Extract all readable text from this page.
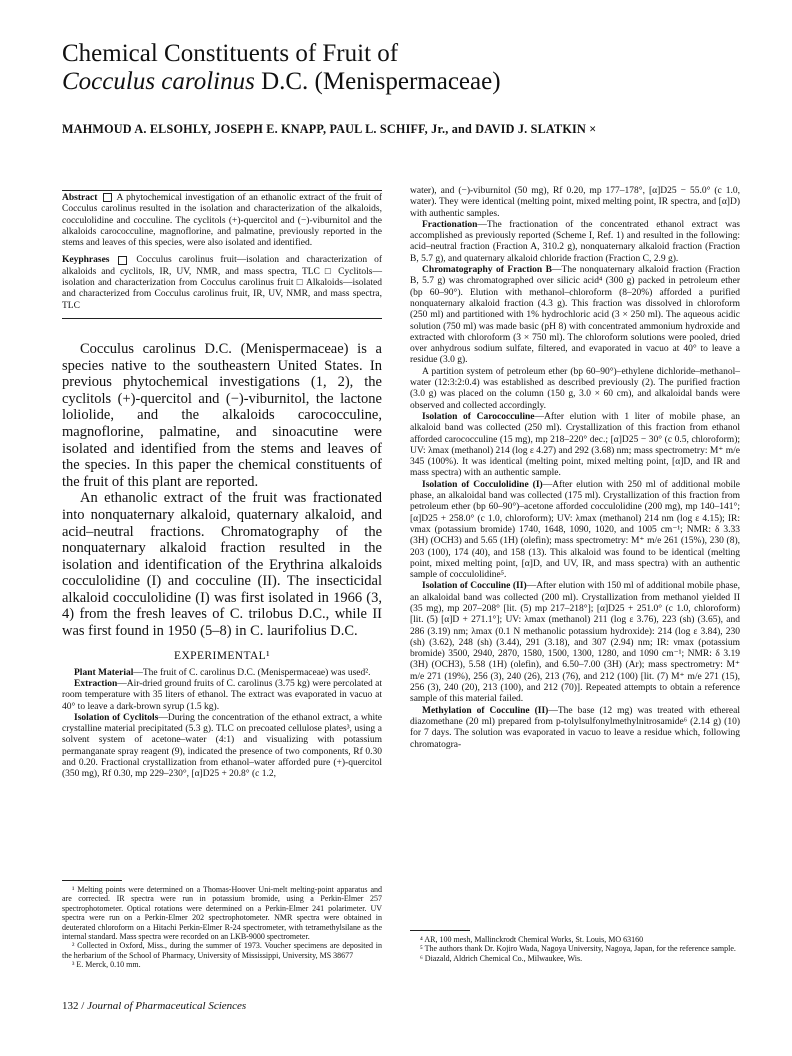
Chemical Constituents of Fruit of
Cocculus carolinus D.C. (Menispermaceae)
MAHMOUD A. ELSOHLY, JOSEPH E. KNAPP, PAUL L. SCHIFF, Jr., and DAVID J. SLATKIN ×

Abstract A phytochemical investigation of an ethanolic extract of the fruit of Cocculus carolinus resulted in the isolation and characterization of the alkaloids, cocculolidine and cocculine. The cyclitols (+)-quercitol and (−)-viburnitol and the alkaloids carococculine, magnoflorine, and palmatine, previously reported in the stems and leaves of this species, were also isolated and identified.

Keyphrases	Cocculus carolinus fruit—isolation and characterization of alkaloids and cyclitols, IR, UV, NMR, and mass spectra, TLC □ Cyclitols—isolation and characterization from Cocculus carolinus fruit □ Alkaloids—isolated and characterized from Cocculus carolinus fruit, IR, UV, NMR, and mass spectra, TLC

Cocculus carolinus D.C. (Menispermaceae) is a species native to the southeastern United States. In previous phytochemical investigations (1, 2), the cyclitols (+)-quercitol and (−)-viburnitol, the lactone loliolide, and the alkaloids carococculine, magnoflorine, palmatine, and sinoacutine were isolated and identified from the stems and leaves of the species. In this paper the chemical constituents of the fruit of this plant are reported.

An ethanolic extract of the fruit was fractionated into nonquaternary alkaloid, quaternary alkaloid, and acid–neutral fractions. Chromatography of the nonquaternary alkaloid fraction resulted in the isolation and identification of the Erythrina alkaloids cocculolidine (I) and cocculine (II). The insecticidal alkaloid cocculolidine (I) was first isolated in 1966 (3, 4) from the fresh leaves of C. trilobus D.C., while II was first found in 1950 (5–8) in C. laurifolius D.C.

EXPERIMENTAL¹

Plant Material—The fruit of C. carolinus D.C. (Menispermaceae) was used².

Extraction—Air-dried ground fruits of C. carolinus (3.75 kg) were percolated at room temperature with 35 liters of ethanol. The extract was evaporated in vacuo at 40° to leave a dark-brown syrup (1.5 kg).

Isolation of Cyclitols—During the concentration of the ethanol extract, a white crystalline material precipitated (5.3 g). TLC on precoated cellulose plates³, using a solvent system of acetone–water (4:1) and visualizing with potassium permanganate spray reagent (9), indicated the presence of two components, Rf 0.30 and 0.20. Fractional crystallization from ethanol–water afforded pure (+)-quercitol (350 mg), Rf 0.30, mp 229–230°, [α]D25 + 20.8° (c 1.2,

water), and (−)-viburnitol (50 mg), Rf 0.20, mp 177–178°, [α]D25 − 55.0° (c 1.0, water). They were identical (melting point, mixed melting point, IR spectra, and [α]D) with authentic samples.

Fractionation—The fractionation of the concentrated ethanol extract was accomplished as previously reported (Scheme I, Ref. 1) and resulted in the following: acid–neutral fraction (Fraction A, 310.2 g), nonquaternary alkaloid fraction (Fraction B, 5.7 g), and quaternary alkaloid chloride fraction (Fraction C, 2.9 g).

Chromatography of Fraction B—The nonquaternary alkaloid fraction (Fraction B, 5.7 g) was chromatographed over silicic acid⁴ (300 g) packed in petroleum ether (bp 60–90°). Elution with methanol–chloroform (8–20%) afforded a purified nonquaternary alkaloid fraction (4.3 g). This fraction was dissolved in chloroform (250 ml) and partitioned with 1% hydrochloric acid (3 × 250 ml). The aqueous acidic solution (750 ml) was made basic (pH 8) with concentrated ammonium hydroxide and extracted with chloroform (3 × 750 ml). The chloroform solutions were pooled, dried over anhydrous sodium sulfate, filtered, and evaporated in vacuo at 40° to leave a residue (3.0 g).

A partition system of petroleum ether (bp 60–90°)–ethylene dichloride–methanol–water (12:3:2:0.4) was established as described previously (2). The purified fraction (3.0 g) was placed on the column (150 g, 3.0 × 60 cm), and alkaloidal bands were observed and collected accordingly.

Isolation of Carococculine—After elution with 1 liter of mobile phase, an alkaloid band was collected (250 ml). Crystallization of this fraction from ethanol afforded carococculine (15 mg), mp 218–220° dec.; [α]D25 − 30° (c 0.5, chloroform); UV: λmax (methanol) 214 (log ε 4.27) and 292 (3.68) nm; mass spectrometry: M⁺ m/e 345 (100%). It was identical (melting point, mixed melting point, [α]D, and IR and mass spectra) with an authentic sample.

Isolation of Cocculolidine (I)—After elution with 250 ml of additional mobile phase, an alkaloidal band was collected (175 ml). Crystallization of this fraction from petroleum ether (bp 60–90°)–acetone afforded cocculolidine (200 mg), mp 140–141°; [α]D25 + 258.0° (c 1.0, chloroform); UV: λmax (methanol) 214 nm (log ε 4.15); IR: νmax (potassium bromide) 1740, 1648, 1090, 1020, and 1005 cm⁻¹; NMR: δ 3.33 (3H) (OCH3) and 5.65 (1H) (olefin); mass spectrometry: M⁺ m/e 261 (15%), 230 (8), 203 (100), 174 (40), and 158 (13). This alkaloid was found to be identical (melting point, mixed melting point, [α]D, and UV, IR, and mass spectra) with an authentic sample of cocculolidine⁵.

Isolation of Cocculine (II)—After elution with 150 ml of additional mobile phase, an alkaloidal band was collected (200 ml). Crystallization from methanol yielded II (35 mg), mp 207–208° [lit. (5) mp 217–218°]; [α]D25 + 251.0° (c 1.0, chloroform) [lit. (5) [α]D + 271.1°]; UV: λmax (methanol) 211 (log ε 3.76), 223 (sh) (3.65), and 286 (3.19) nm; λmax (0.1 N methanolic potassium hydroxide): 214 (log ε 3.84), 230 (sh) (3.62), 248 (sh) (3.44), 291 (3.18), and 307 (2.94) nm; IR: νmax (potassium bromide) 3500, 2940, 2870, 1580, 1500, 1300, 1280, and 1090 cm⁻¹; NMR: δ 3.19 (3H) (OCH3), 5.58 (1H) (olefin), and 6.50–7.00 (3H) (Ar); mass spectrometry: M⁺ m/e 271 (19%), 256 (3), 240 (26), 213 (76), and 212 (100) [lit. (7) M⁺ m/e 271 (15), 256 (3), 240 (20), 213 (100), and 212 (70)]. Repeated attempts to obtain a reference sample of this material failed.

Methylation of Cocculine (II)—The base (12 mg) was treated with ethereal diazomethane (20 ml) prepared from p-tolylsulfonylmethylnitrosamide⁶ (2.14 g) (10) for 7 days. The solution was evaporated in vacuo to leave a residue which, following chromatogra-

¹ Melting points were determined on a Thomas-Hoover Uni-melt melting-point apparatus and are corrected. IR spectra were run in potassium bromide, using a Perkin-Elmer 257 spectrophotometer. Optical rotations were determined on a Perkin-Elmer 241 polarimeter. UV spectra were run on a Perkin-Elmer 202 spectrophotometer. NMR spectra were obtained in deuterated chloroform on a Hitachi Perkin-Elmer R-24 spectrometer, with tetramethylsilane as the internal standard. Mass spectra were recorded on an LKB-9000 spectrometer.

² Collected in Oxford, Miss., during the summer of 1973. Voucher specimens are deposited in the herbarium of the School of Pharmacy, University of Mississippi, University, MS 38677

³ E. Merck, 0.10 mm.

⁴ AR, 100 mesh, Mallinckrodt Chemical Works, St. Louis, MO 63160

⁵ The authors thank Dr. Kojiro Wada, Nagoya University, Nagoya, Japan, for the reference sample.

⁶ Diazald, Aldrich Chemical Co., Milwaukee, Wis.

132 / Journal of Pharmaceutical Sciences
